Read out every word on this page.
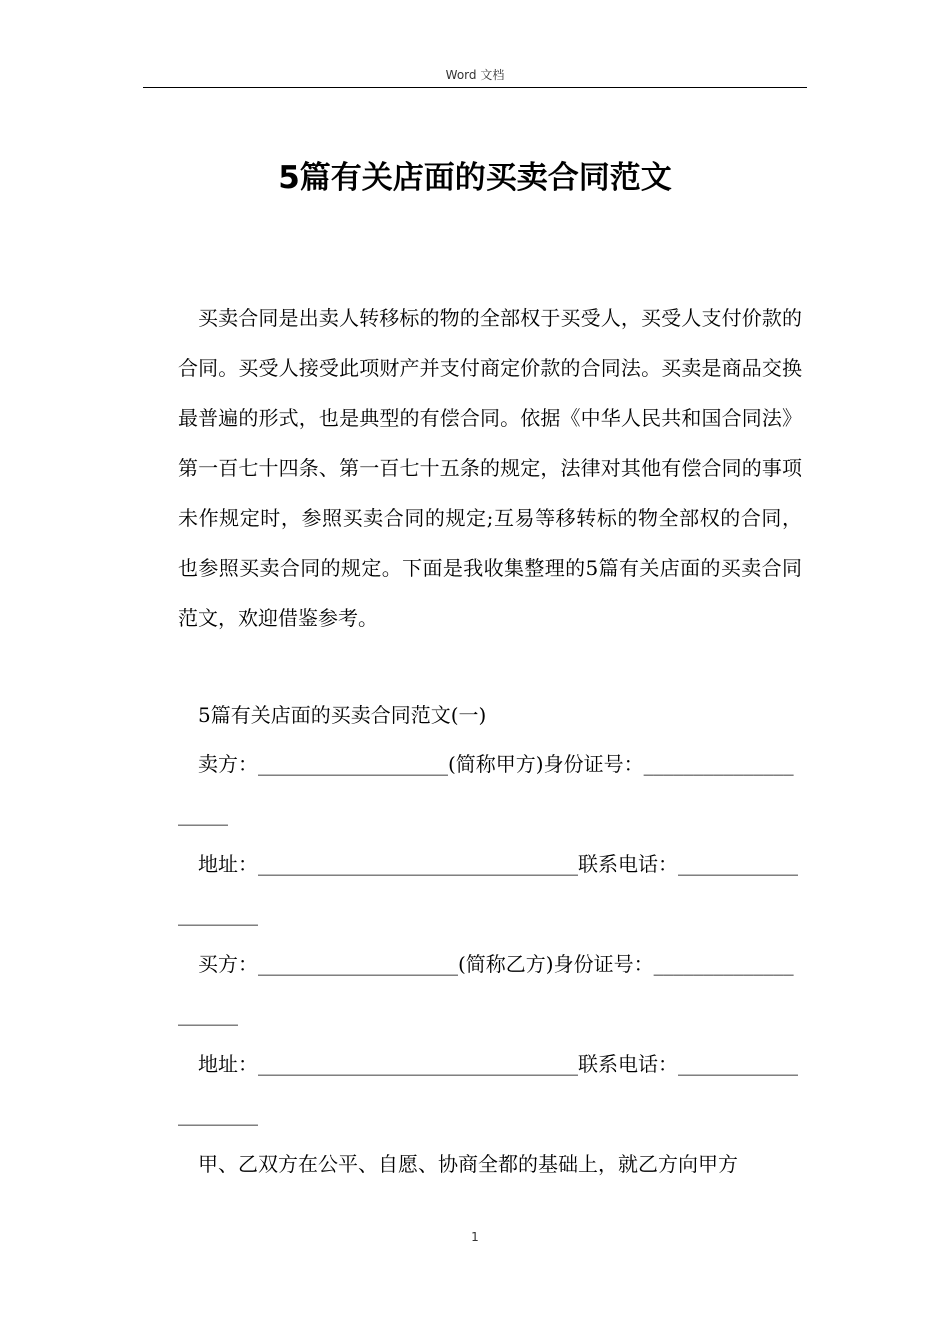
Word 文档
5篇有关店面的买卖合同范文

买卖合同是出卖人转移标的物的全部权于买受人，买受人支付价款的合同。买受人接受此项财产并支付商定价款的合同法。买卖是商品交换最普遍的形式，也是典型的有偿合同。依据《中华人民共和国合同法》第一百七十四条、第一百七十五条的规定，法律对其他有偿合同的事项未作规定时，参照买卖合同的规定;互易等移转标的物全部权的合同，也参照买卖合同的规定。下面是我收集整理的5篇有关店面的买卖合同范文，欢迎借鉴参考。

5篇有关店面的买卖合同范文(一)

卖方：___________________(简称甲方)身份证号：____________________

地址：________________________________联系电话：____________________

买方：____________________(简称乙方)身份证号：____________________

地址：________________________________联系电话：____________________

甲、乙双方在公平、自愿、协商全都的基础上，就乙方向甲方

1
